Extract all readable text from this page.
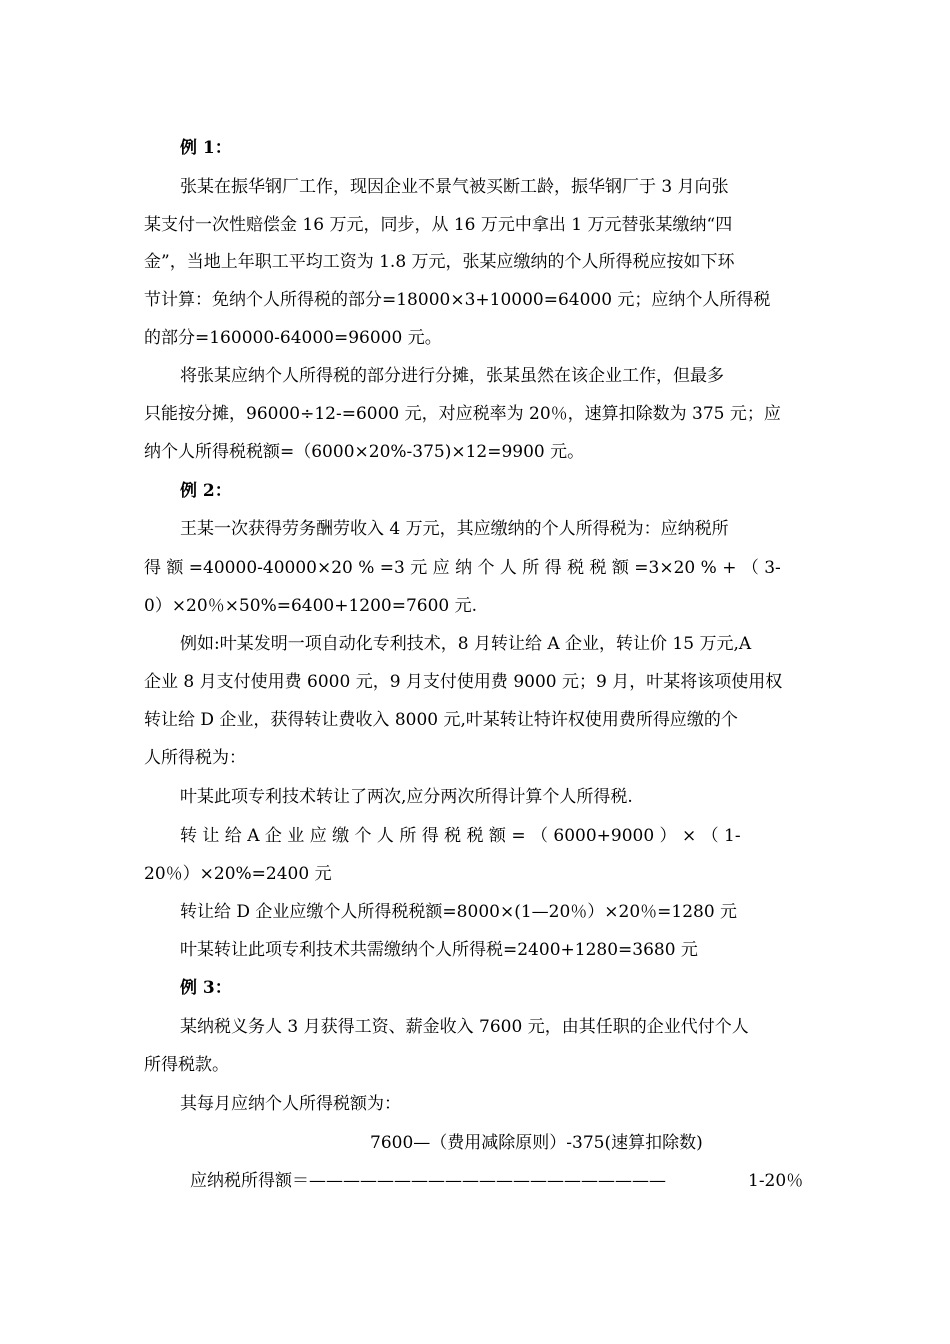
例 1：
张某在振华钢厂工作，现因企业不景气被买断工龄，振华钢厂于 3 月向张
某支付一次性赔偿金 16 万元，同步，从 16 万元中拿出 1 万元替张某缴纳“四
金”，当地上年职工平均工资为 1.8 万元，张某应缴纳的个人所得税应按如下环
节计算：免纳个人所得税的部分=18000×3+10000=64000 元；应纳个人所得税
的部分=160000-64000=96000 元。
将张某应纳个人所得税的部分进行分摊，张某虽然在该企业工作，但最多
只能按分摊，96000÷12-=6000 元，对应税率为 20％，速算扣除数为 375 元；应
纳个人所得税税额=（6000×20%-375)×12=9900 元。
例 2：
王某一次获得劳务酬劳收入 4 万元，其应缴纳的个人所得税为：应纳税所
得 额 =40000-40000×20 % =3 元 应 纳 个 人 所 得 税 税 额 =3×20 % + （ 3-
0）×20％×50%=6400+1200=7600 元.
例如:叶某发明一项自动化专利技术，8 月转让给 A 企业，转让价 15 万元,A
企业 8 月支付使用费 6000 元，9 月支付使用费 9000 元；9 月，叶某将该项使用权
转让给 D 企业，获得转让费收入 8000 元,叶某转让特许权使用费所得应缴的个
人所得税为：
叶某此项专利技术转让了两次,应分两次所得计算个人所得税.
转 让 给 A 企 业 应 缴 个 人 所 得 税 税 额 = （ 6000+9000 ） × （ 1-
20％）×20%=2400 元
转让给 D 企业应缴个人所得税税额=8000×(1—20％）×20％=1280 元
叶某转让此项专利技术共需缴纳个人所得税=2400+1280=3680 元
例 3：
某纳税义务人 3 月获得工资、薪金收入 7600 元，由其任职的企业代付个人
所得税款。
其每月应纳个人所得税额为：
7600—（费用减除原则）-375(速算扣除数)
应纳税所得额＝—————————————————————	1-20％
